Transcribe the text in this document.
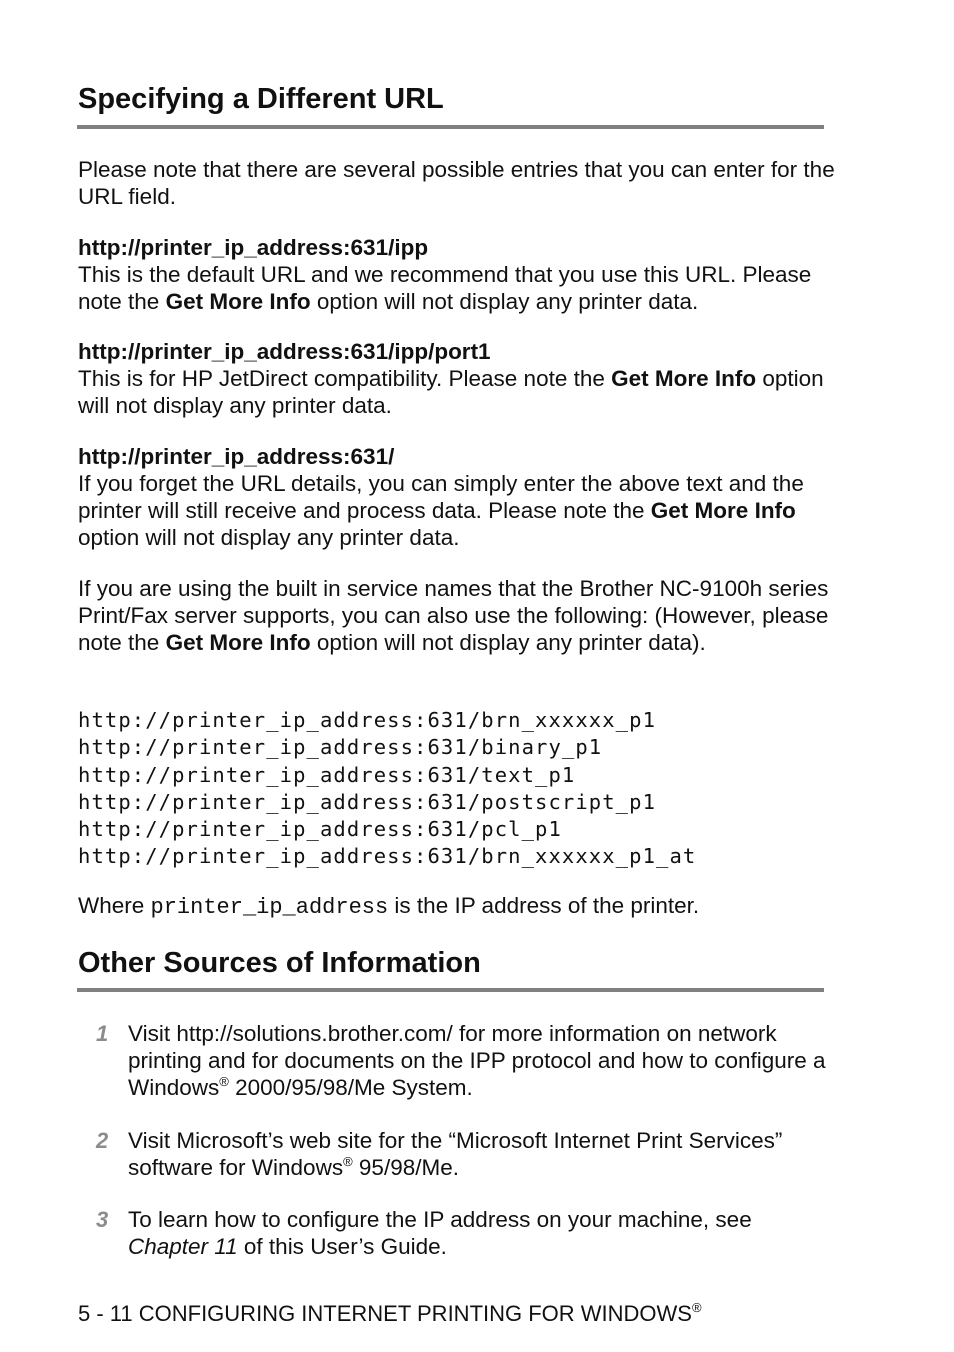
Specifying a Different URL
Please note that there are several possible entries that you can enter for the URL field.
http://printer_ip_address:631/ipp
This is the default URL and we recommend that you use this URL. Please note the Get More Info option will not display any printer data.
http://printer_ip_address:631/ipp/port1
This is for HP JetDirect compatibility. Please note the Get More Info option will not display any printer data.
http://printer_ip_address:631/
If you forget the URL details, you can simply enter the above text and the printer will still receive and process data. Please note the Get More Info option will not display any printer data.
If you are using the built in service names that the Brother NC-9100h series Print/Fax server supports, you can also use the following: (However, please note the Get More Info option will not display any printer data).
http://printer_ip_address:631/brn_xxxxxx_p1
http://printer_ip_address:631/binary_p1
http://printer_ip_address:631/text_p1
http://printer_ip_address:631/postscript_p1
http://printer_ip_address:631/pcl_p1
http://printer_ip_address:631/brn_xxxxxx_p1_at
Where printer_ip_address is the IP address of the printer.
Other Sources of Information
1 Visit http://solutions.brother.com/ for more information on network printing and for documents on the IPP protocol and how to configure a Windows® 2000/95/98/Me System.
2 Visit Microsoft’s web site for the “Microsoft Internet Print Services” software for Windows® 95/98/Me.
3 To learn how to configure the IP address on your machine, see Chapter 11 of this User’s Guide.
5 - 11 CONFIGURING INTERNET PRINTING FOR WINDOWS®
